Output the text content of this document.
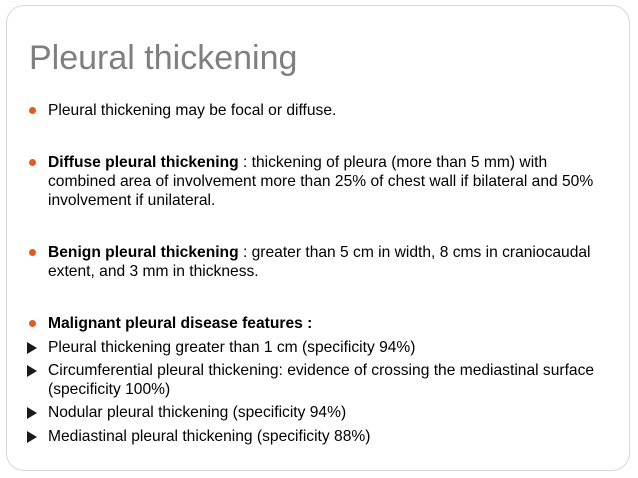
Pleural thickening
Pleural thickening may be focal or diffuse.
Diffuse pleural thickening : thickening of pleura (more than 5 mm) with combined area of involvement more than 25% of chest wall if bilateral and 50% involvement if unilateral.
Benign pleural thickening : greater than 5 cm in width, 8 cms in craniocaudal extent, and 3 mm in thickness.
Malignant pleural disease features :
Pleural thickening greater than 1 cm (specificity 94%)
Circumferential pleural thickening: evidence of crossing the mediastinal surface (specificity 100%)
Nodular pleural thickening (specificity 94%)
Mediastinal pleural thickening (specificity 88%)
